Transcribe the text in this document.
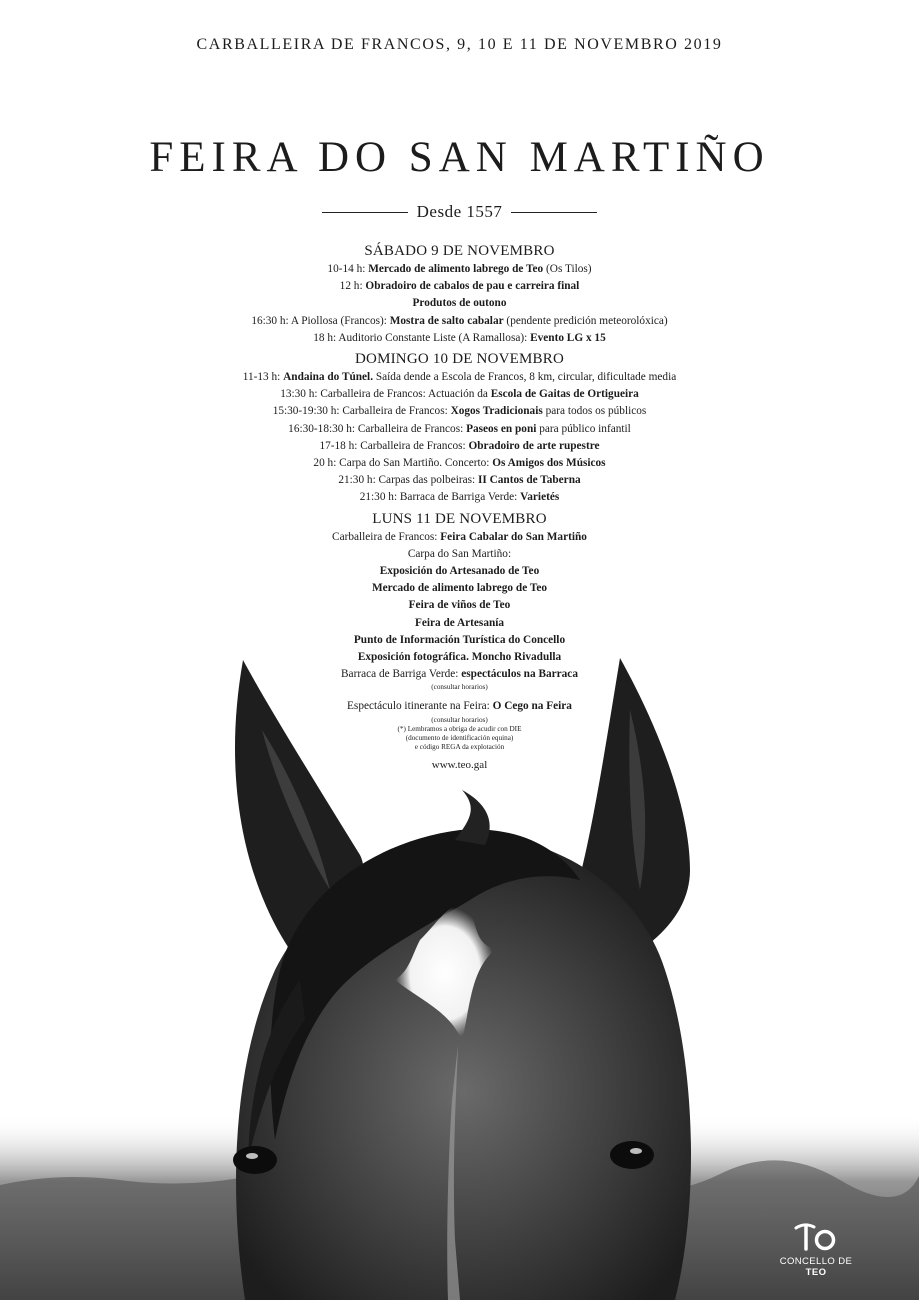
CARBALLEIRA DE FRANCOS, 9, 10 E 11 DE NOVEMBRO 2019
FEIRA DO SAN MARTIÑO
Desde 1557
SÁBADO 9 DE NOVEMBRO
10-14 h: Mercado de alimento labrego de Teo (Os Tilos)
12 h: Obradoiro de cabalos de pau e carreira final
Produtos de outono
16:30 h: A Piollosa (Francos): Mostra de salto cabalar (pendente predición meteorolóxica)
18 h: Auditorio Constante Liste (A Ramallosa): Evento LG x 15
DOMINGO 10 DE NOVEMBRO
11-13 h: Andaina do Túnel. Saída dende a Escola de Francos, 8 km, circular, dificultade media
13:30 h: Carballeira de Francos: Actuación da Escola de Gaitas de Ortigueira
15:30-19:30 h: Carballeira de Francos: Xogos Tradicionais para todos os públicos
16:30-18:30 h: Carballeira de Francos: Paseos en poni para público infantil
17-18 h: Carballeira de Francos: Obradoiro de arte rupestre
20 h: Carpa do San Martiño. Concerto: Os Amigos dos Músicos
21:30 h: Carpas das polbeiras: II Cantos de Taberna
21:30 h: Barraca de Barriga Verde: Varietés
LUNS 11 DE NOVEMBRO
Carballeira de Francos: Feira Cabalar do San Martiño
Carpa do San Martiño:
Exposición do Artesanado de Teo
Mercado de alimento labrego de Teo
Feira de viños de Teo
Feira de Artesanía
Punto de Información Turística do Concello
Exposición fotográfica. Moncho Rivadulla
Barraca de Barriga Verde: espectáculos na Barraca
(consultar horarios)
Espectáculo itinerante na Feira: O Cego na Feira
(consultar horarios)
(*) Lembramos a obriga de acudir con DIE
(documento de identificación equina)
e código REGA da explotación
www.teo.gal
CONCELLO DE TEO
